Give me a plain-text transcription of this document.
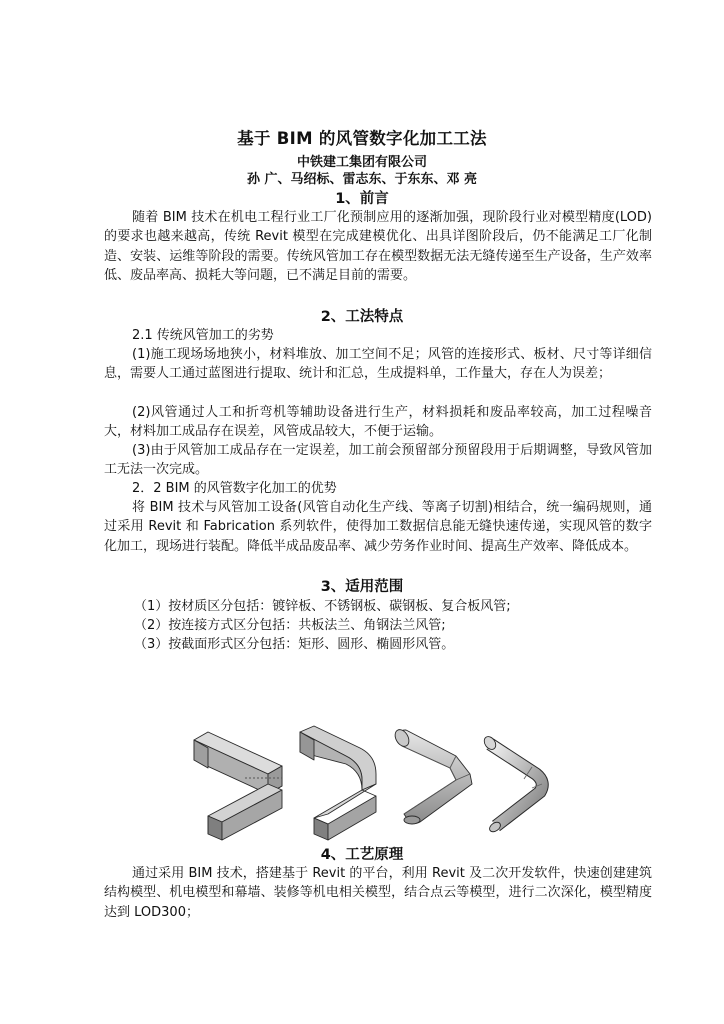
基于 BIM 的风管数字化加工工法
中铁建工集团有限公司
孙 广、马绍标、雷志东、于东东、邓 亮
1、前言

随着 BIM 技术在机电工程行业工厂化预制应用的逐渐加强，现阶段行业对模型精度(LOD)的要求也越来越高，传统 Revit 模型在完成建模优化、出具详图阶段后，仍不能满足工厂化制造、安装、运维等阶段的需要。传统风管加工存在模型数据无法无缝传递至生产设备，生产效率低、废品率高、损耗大等问题，已不满足目前的需要。

2、工法特点

2.1 传统风管加工的劣势

(1)施工现场场地狭小，材料堆放、加工空间不足；风管的连接形式、板材、尺寸等详细信息，需要人工通过蓝图进行提取、统计和汇总，生成提料单，工作量大，存在人为误差；

(2)风管通过人工和折弯机等辅助设备进行生产，材料损耗和废品率较高，加工过程噪音大，材料加工成品存在误差，风管成品较大，不便于运输。

(3)由于风管加工成品存在一定误差，加工前会预留部分预留段用于后期调整，导致风管加工无法一次完成。

2．2 BIM 的风管数字化加工的优势

将 BIM 技术与风管加工设备(风管自动化生产线、等离子切割)相结合，统一编码规则，通过采用 Revit 和 Fabrication 系列软件，使得加工数据信息能无缝快速传递，实现风管的数字化加工，现场进行装配。降低半成品废品率、减少劳务作业时间、提高生产效率、降低成本。

3、适用范围
（1）按材质区分包括：镀锌板、不锈钢板、碳钢板、复合板风管;
（2）按连接方式区分包括：共板法兰、角钢法兰风管;
（3）按截面形式区分包括：矩形、圆形、椭圆形风管。
4、工艺原理

通过采用 BIM 技术，搭建基于 Revit 的平台，利用 Revit 及二次开发软件，快速创建建筑结构模型、机电模型和幕墙、装修等机电相关模型，结合点云等模型，进行二次深化，模型精度达到 LOD300；
